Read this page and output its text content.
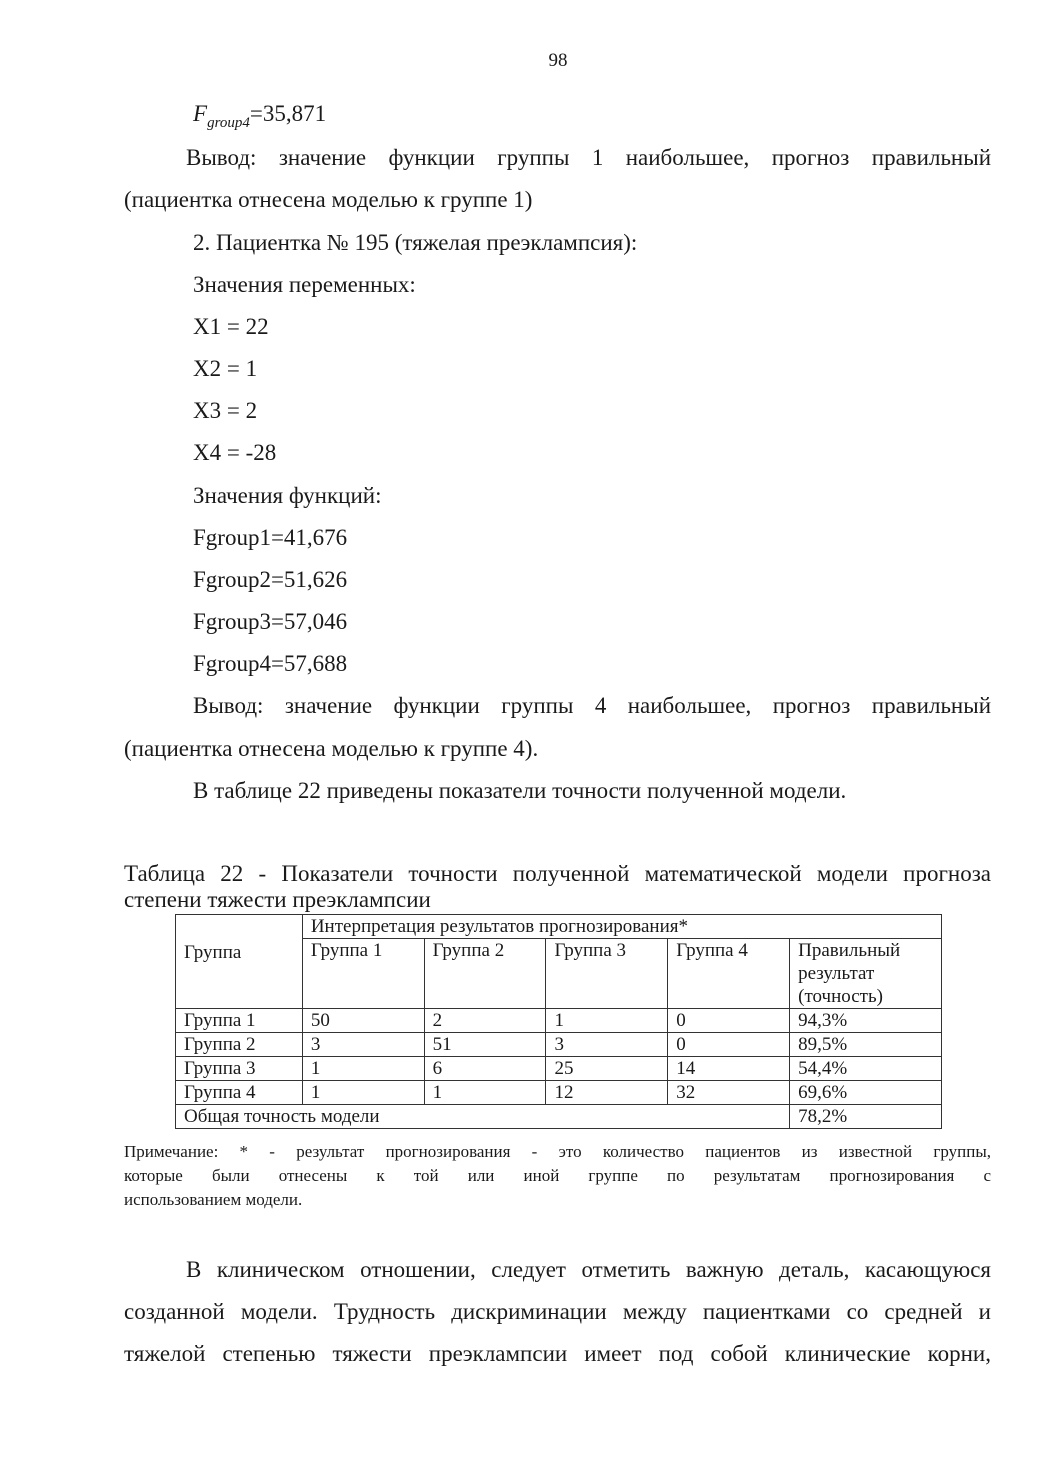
98
$F_{group4}=35,871$
Вывод: значение функции группы 1 наибольшее, прогноз правильный
(пациентка отнесена моделью к группе 1)
2. Пациентка № 195 (тяжелая преэклампсия):
Значения переменных:
X1 = 22
X2 = 1
X3 = 2
X4 = -28
Значения функций:
Fgroup1=41,676
Fgroup2=51,626
Fgroup3=57,046
Fgroup4=57,688
Вывод: значение функции группы 4 наибольшее, прогноз правильный
(пациентка отнесена моделью к группе 4).
В таблице 22 приведены показатели точности полученной модели.
Таблица 22 - Показатели точности полученной математической модели прогноза
степени тяжести преэклампсии
Группа	Интерпретация результатов прогнозирования*				
	Группа 1	Группа 2	Группа 3	Группа 4	Правильный
результат
(точность)

Группа 1	50	2	1	0	94,3%
Группа 2	3	51	3	0	89,5%
Группа 3	1	6	25	14	54,4%
Группа 4	1	1	12	32	69,6%
Общая точность модели					78,2%
Примечание: * - результат прогнозирования - это количество пациентов из известной группы,
которые были отнесены к той или иной группе по результатам прогнозирования с
использованием модели.
В клиническом отношении, следует отметить важную деталь, касающуюся
созданной модели. Трудность дискриминации между пациентками со средней и
тяжелой степенью тяжести преэклампсии имеет под собой клинические корни,
